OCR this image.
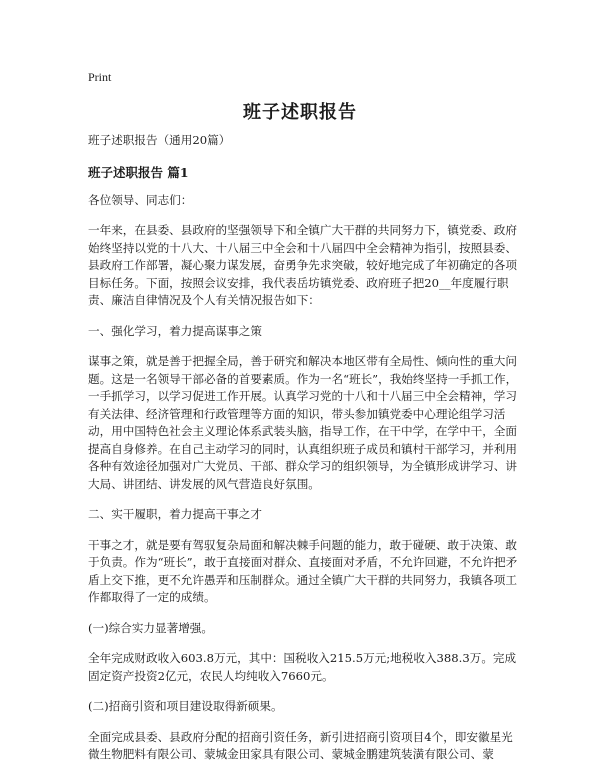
Print
班子述职报告

班子述职报告（通用20篇）

班子述职报告 篇1

各位领导、同志们：

一年来，在县委、县政府的坚强领导下和全镇广大干群的共同努力下，镇党委、政府始终坚持以党的十八大、十八届三中全会和十八届四中全会精神为指引，按照县委、县政府工作部署，凝心聚力谋发展，奋勇争先求突破，较好地完成了年初确定的各项目标任务。下面，按照会议安排，我代表岳坊镇党委、政府班子把20__年度履行职责、廉洁自律情况及个人有关情况报告如下：

一、强化学习，着力提高谋事之策

谋事之策，就是善于把握全局，善于研究和解决本地区带有全局性、倾向性的重大问题。这是一名领导干部必备的首要素质。作为一名“班长”，我始终坚持一手抓工作，一手抓学习，以学习促进工作开展。认真学习党的十八和十八届三中全会精神，学习有关法律、经济管理和行政管理等方面的知识，带头参加镇党委中心理论组学习活动，用中国特色社会主义理论体系武装头脑，指导工作，在干中学，在学中干，全面提高自身修养。在自己主动学习的同时，认真组织班子成员和镇村干部学习，并利用各种有效途径加强对广大党员、干部、群众学习的组织领导，为全镇形成讲学习、讲大局、讲团结、讲发展的风气营造良好氛围。

二、实干履职，着力提高干事之才

干事之才，就是要有驾驭复杂局面和解决棘手问题的能力，敢于碰硬、敢于决策、敢于负责。作为“班长”，敢于直接面对群众、直接面对矛盾，不允许回避，不允许把矛盾上交下推，更不允许愚弄和压制群众。通过全镇广大干群的共同努力，我镇各项工作都取得了一定的成绩。

(一)综合实力显著增强。

全年完成财政收入603.8万元，其中：国税收入215.5万元;地税收入388.3万。完成固定资产投资2亿元，农民人均纯收入7660元。

(二)招商引资和项目建设取得新硕果。

全面完成县委、县政府分配的招商引资任务，新引进招商引资项目4个，即安徽星光微生物肥料有限公司、蒙城金田家具有限公司、蒙城金鹏建筑装潢有限公司、蒙
